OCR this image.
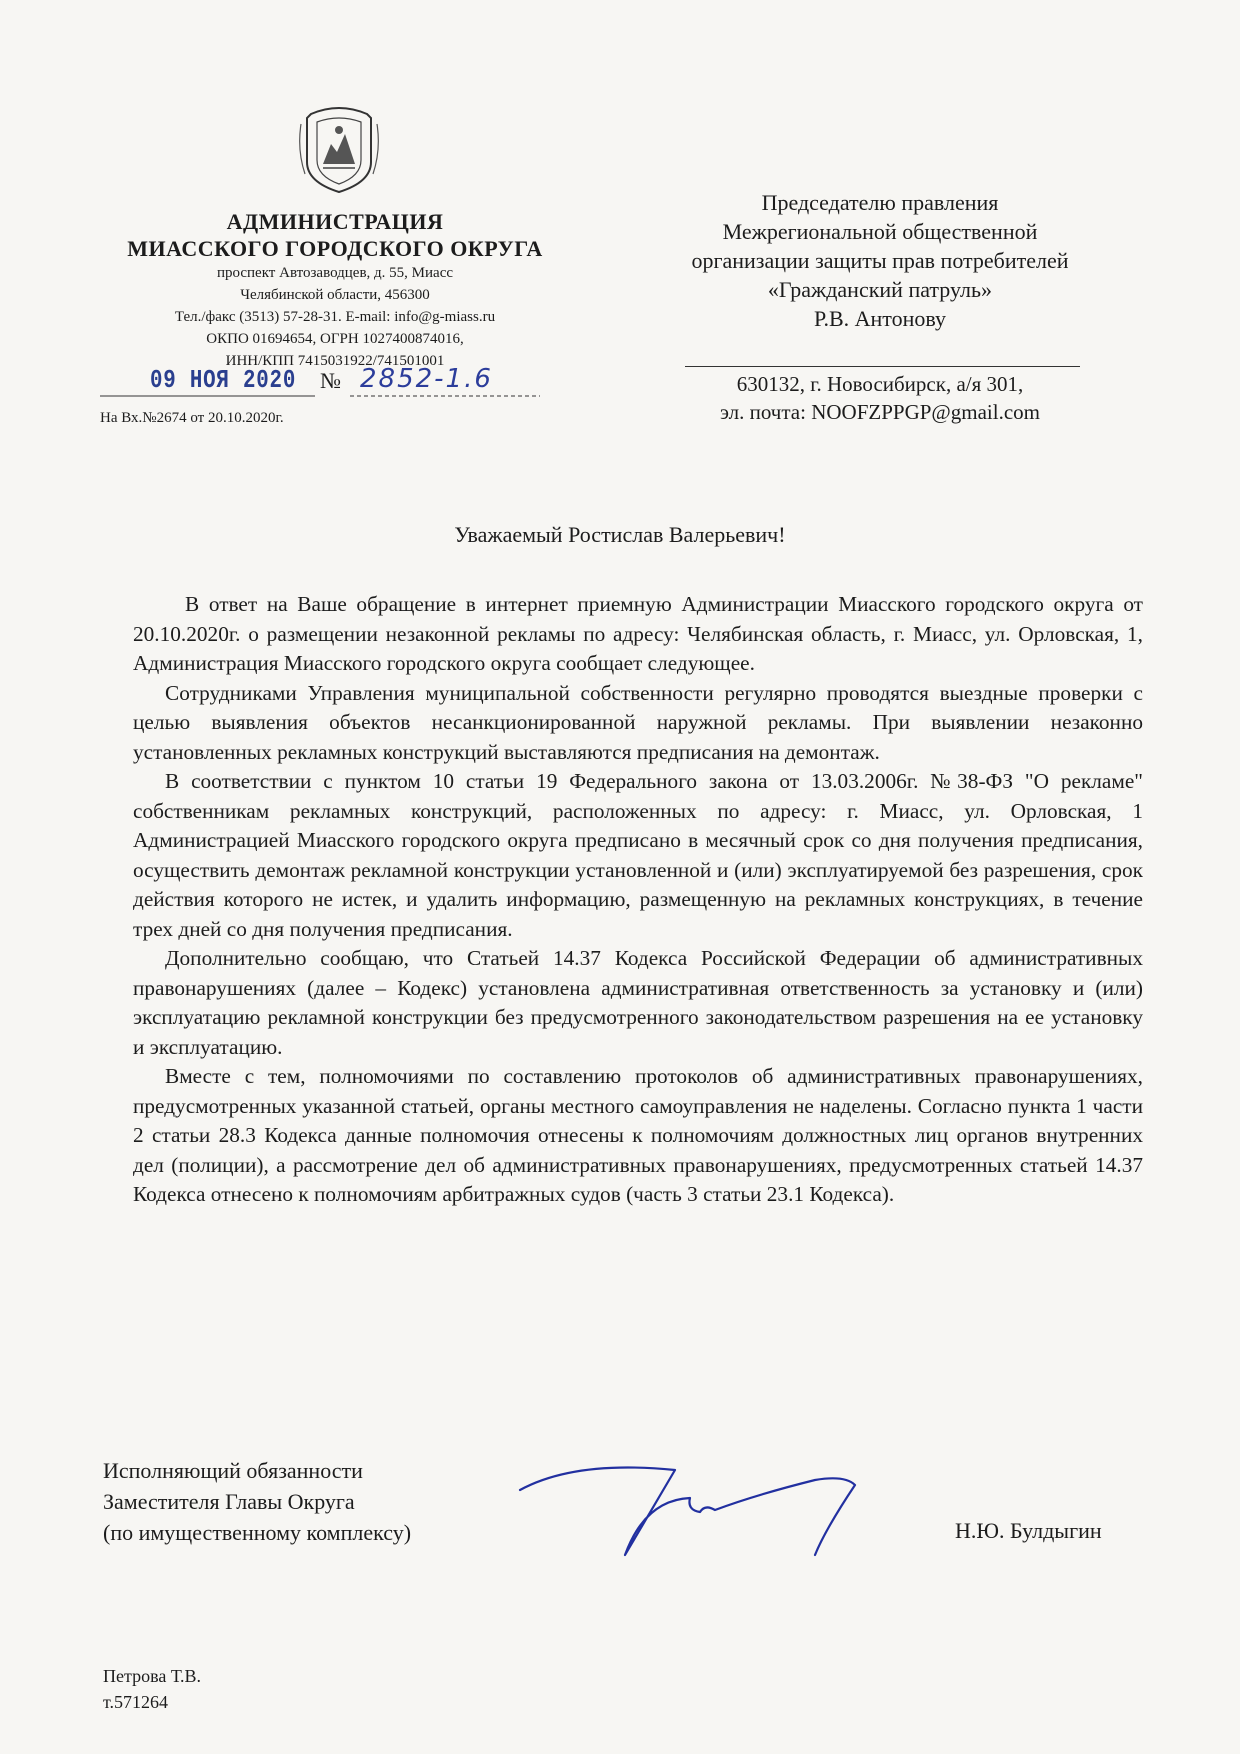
АДМИНИСТРАЦИЯ
МИАССКОГО ГОРОДСКОГО ОКРУГА
проспект Автозаводцев, д. 55, Миасс
Челябинской области, 456300
Тел./факс (3513) 57-28-31. E-mail: info@g-miass.ru
ОКПО 01694654, ОГРН 1027400874016,
ИНН/КПП 7415031922/741501001
09 НОЯ 2020 № 2852-1.6
На Вх.№2674 от 20.10.2020г.
Председателю правления
Межрегиональной общественной
организации защиты прав потребителей
«Гражданский патруль»
Р.В. Антонову
630132, г. Новосибирск, а/я 301,
эл. почта: NOOFZPPGP@gmail.com
Уважаемый Ростислав Валерьевич!

В ответ на Ваше обращение в интернет приемную Администрации Миасского городского округа от 20.10.2020г. о размещении незаконной рекламы по адресу: Челябинская область, г. Миасс, ул. Орловская, 1, Администрация Миасского городского округа сообщает следующее.

Сотрудниками Управления муниципальной собственности регулярно проводятся выездные проверки с целью выявления объектов несанкционированной наружной рекламы. При выявлении незаконно установленных рекламных конструкций выставляются предписания на демонтаж.

В соответствии с пунктом 10 статьи 19 Федерального закона от 13.03.2006г. №38-ФЗ "О рекламе" собственникам рекламных конструкций, расположенных по адресу: г. Миасс, ул. Орловская, 1 Администрацией Миасского городского округа предписано в месячный срок со дня получения предписания, осуществить демонтаж рекламной конструкции установленной и (или) эксплуатируемой без разрешения, срок действия которого не истек, и удалить информацию, размещенную на рекламных конструкциях, в течение трех дней со дня получения предписания.

Дополнительно сообщаю, что Статьей 14.37 Кодекса Российской Федерации об административных правонарушениях (далее – Кодекс) установлена административная ответственность за установку и (или) эксплуатацию рекламной конструкции без предусмотренного законодательством разрешения на ее установку и эксплуатацию.

Вместе с тем, полномочиями по составлению протоколов об административных правонарушениях, предусмотренных указанной статьей, органы местного самоуправления не наделены. Согласно пункта 1 части 2 статьи 28.3 Кодекса данные полномочия отнесены к полномочиям должностных лиц органов внутренних дел (полиции), а рассмотрение дел об административных правонарушениях, предусмотренных статьей 14.37 Кодекса отнесено к полномочиям арбитражных судов (часть 3 статьи 23.1 Кодекса).

Исполняющий обязанности
Заместителя Главы Округа
(по имущественному комплексу)	Н.Ю. Булдыгин
Петрова Т.В.
т.571264
